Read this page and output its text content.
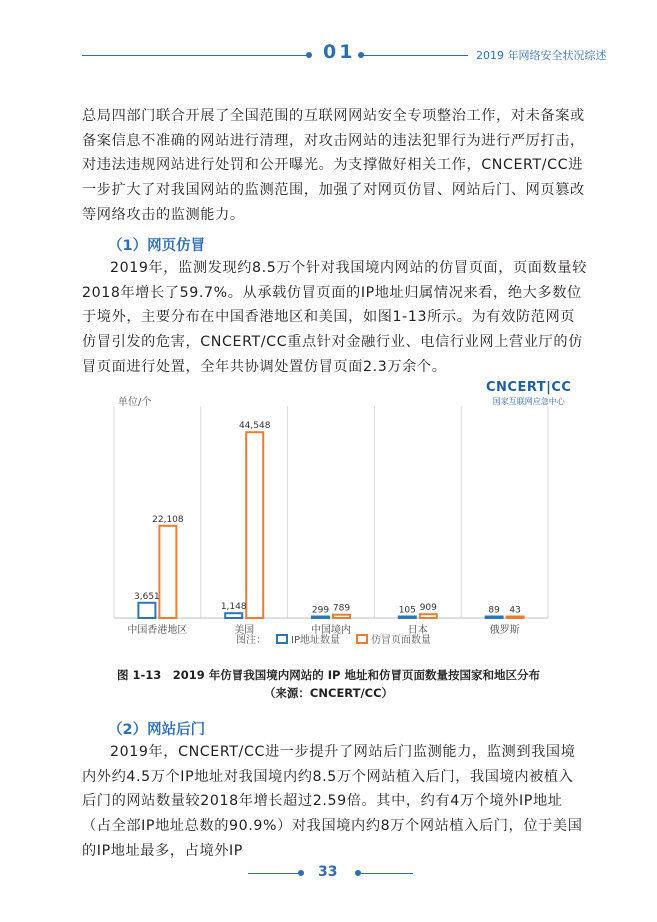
01	2019 年网络安全状况综述

总局四部门联合开展了全国范围的互联网网站安全专项整治工作，对未备案或备案信息不准确的网站进行清理，对攻击网站的违法犯罪行为进行严厉打击，对违法违规网站进行处罚和公开曝光。为支撑做好相关工作，CNCERT/CC进一步扩大了对我国网站的监测范围，加强了对网页仿冒、网站后门、网页篡改等网络攻击的监测能力。

（1）网页仿冒

2019年，监测发现约8.5万个针对我国境内网站的仿冒页面，页面数量较2018年增长了59.7%。从承载仿冒页面的IP地址归属情况来看，绝大多数位于境外，主要分布在中国香港地区和美国，如图1-13所示。为有效防范网页仿冒引发的危害，CNCERT/CC重点针对金融行业、电信行业网上营业厅的仿冒页面进行处置，全年共协调处置仿冒页面2.3万余个。

CNCERT|CC
国家互联网应急中心
单位/个
3,651
22,108
1,148
44,548
299 789	105 909	89 43
中国香港地区	美国	中国境内	日本	俄罗斯
图注：	IP地址数量	仿冒页面数量
图 1-13　2019 年仿冒我国境内网站的 IP 地址和仿冒页面数量按国家和地区分布
（来源：CNCERT/CC）
（2）网站后门

2019年，CNCERT/CC进一步提升了网站后门监测能力，监测到我国境内外约4.5万个IP地址对我国境内约8.5万个网站植入后门，我国境内被植入后门的网站数量较2018年增长超过2.59倍。其中，约有4万个境外IP地址（占全部IP地址总数的90.9%）对我国境内约8万个网站植入后门，位于美国的IP地址最多，占境外IP

33
